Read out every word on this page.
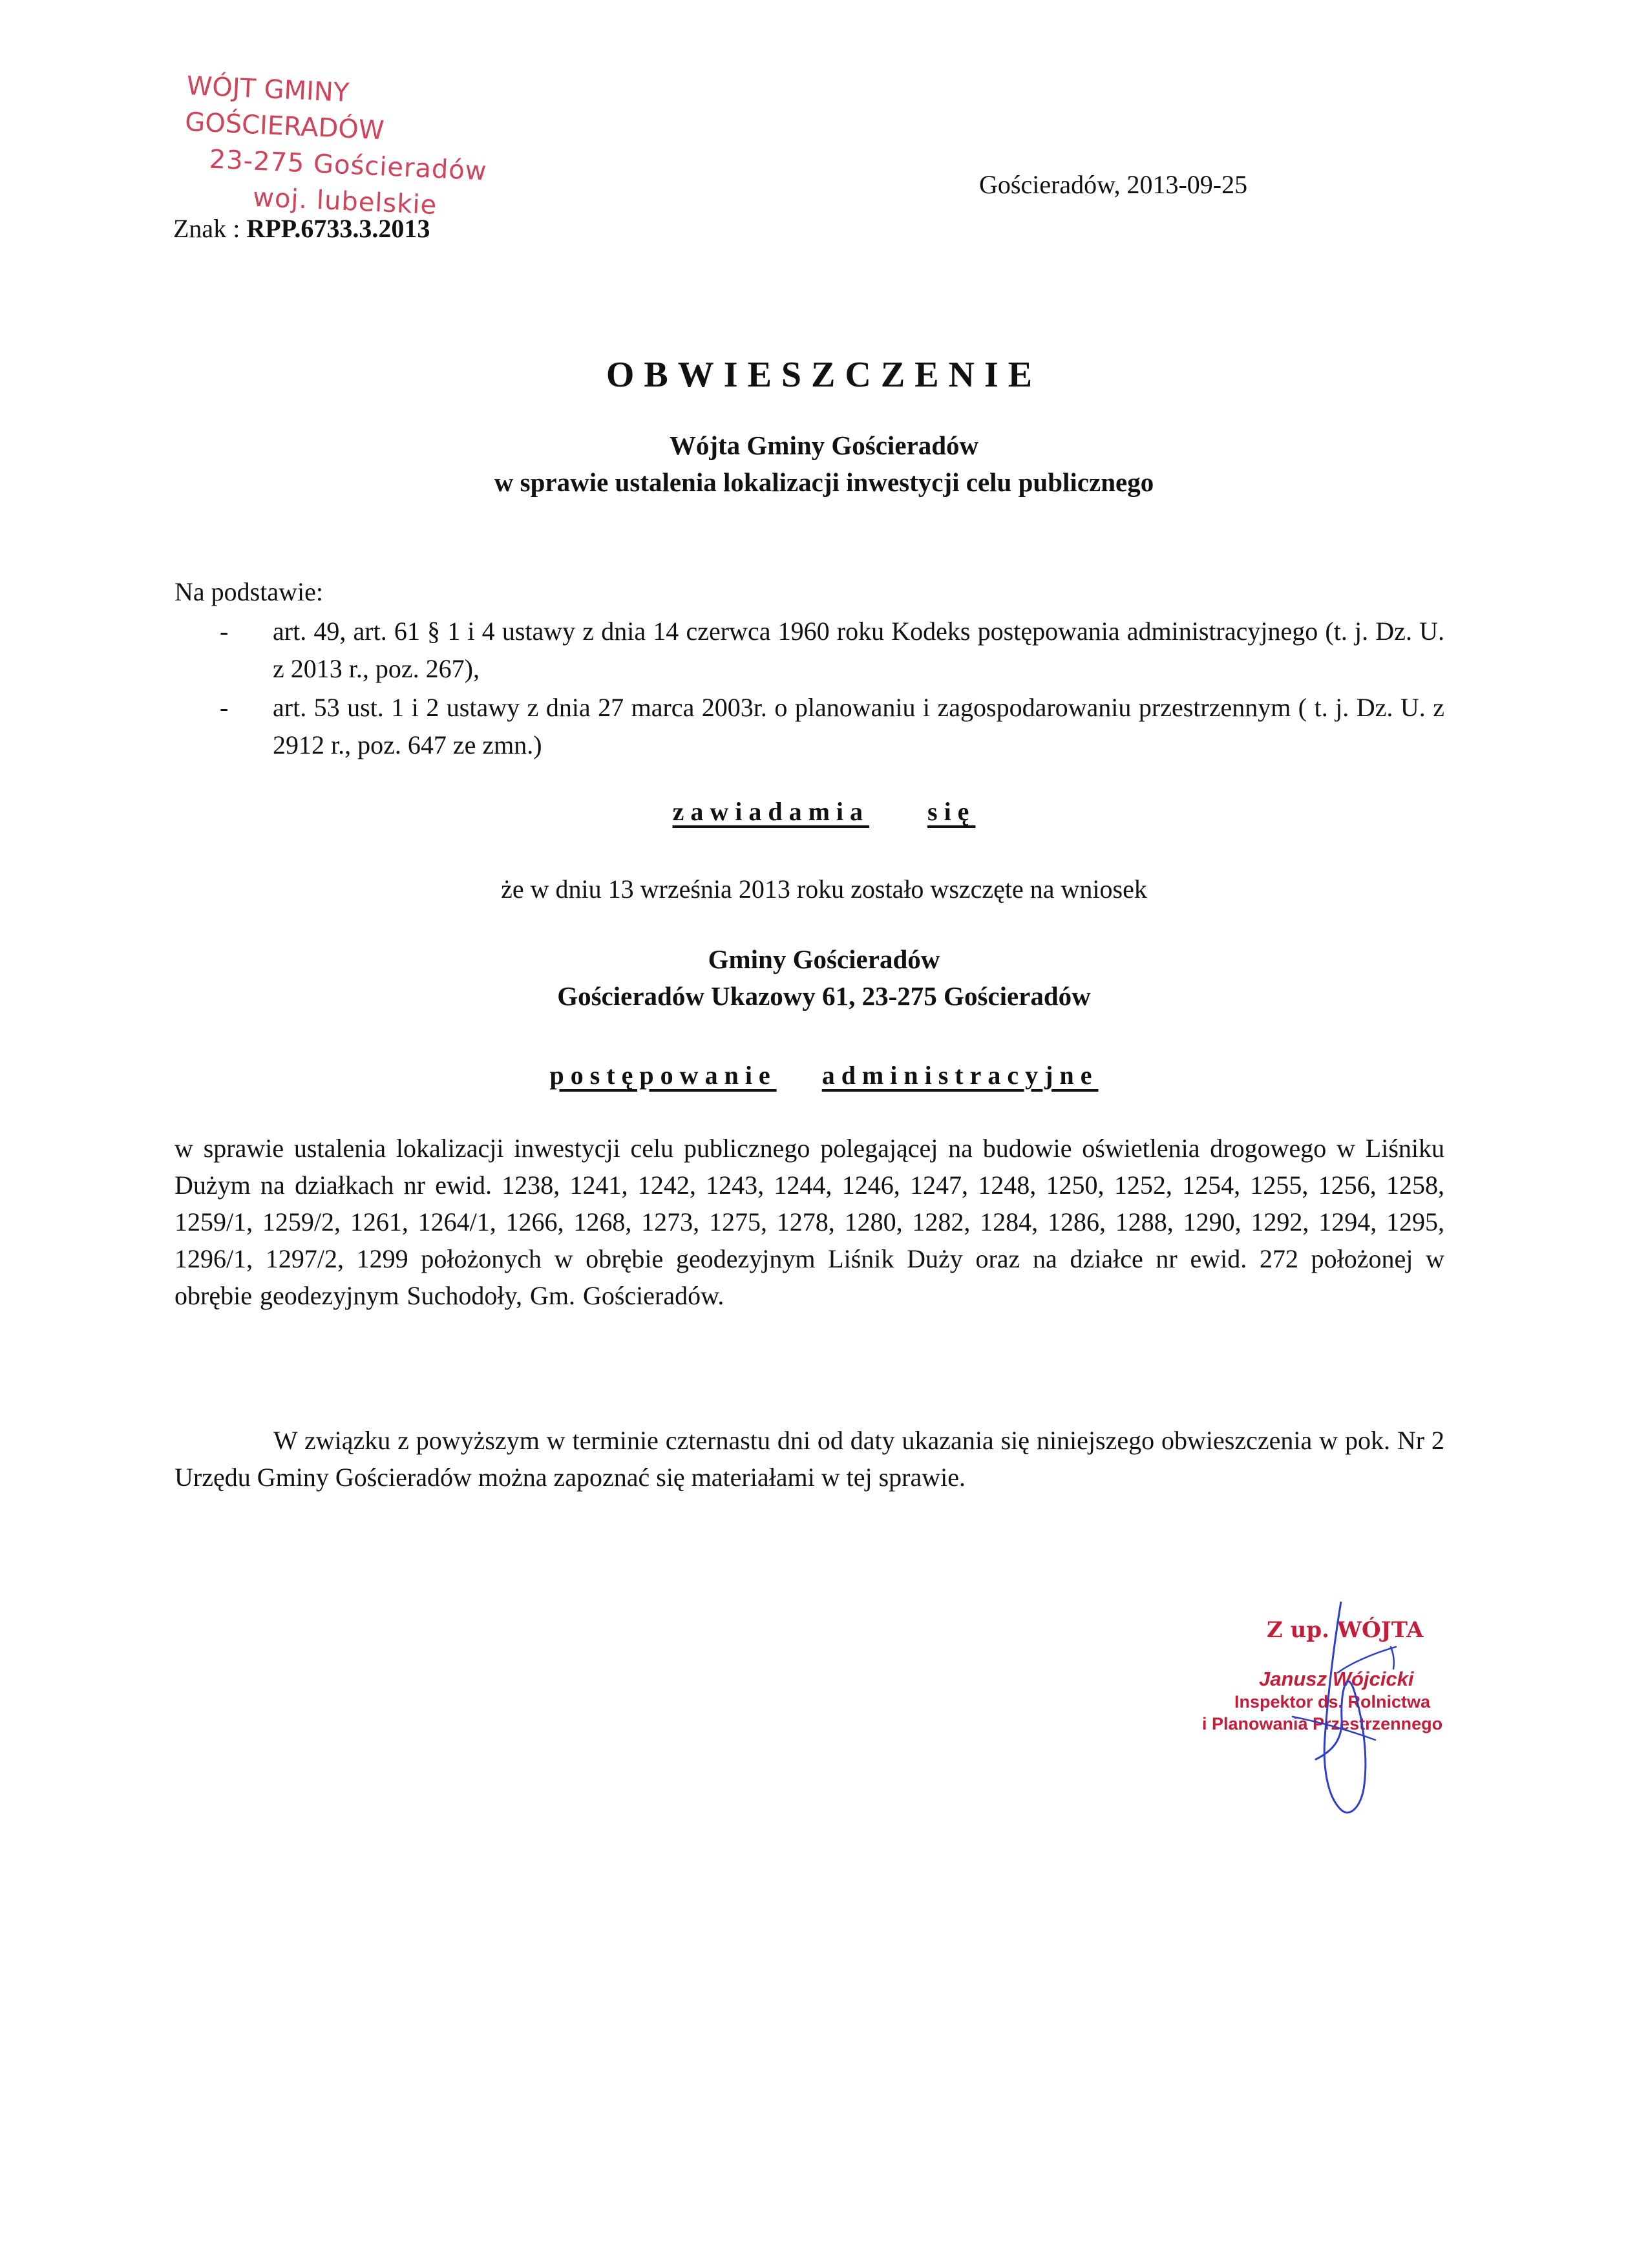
WÓJT GMINY GOŚCIERADÓW
23-275 Gościeradów
woj. lubelskie	Gościeradów, 2013-09-25
Znak : RPP.6733.3.2013
OBWIESZCZENIE
Wójta Gminy Gościeradów
w sprawie ustalenia lokalizacji inwestycji celu publicznego
Na podstawie:
- art. 49, art. 61 § 1 i 4 ustawy z dnia 14 czerwca 1960 roku Kodeks postępowania administracyjnego (t. j. Dz. U. z 2013 r., poz. 267),
- art. 53 ust. 1 i 2 ustawy z dnia 27 marca 2003r. o planowaniu i zagospodarowaniu przestrzennym ( t. j. Dz. U. z 2912 r., poz. 647 ze zmn.)
zawiadamia się
że w dniu 13 września 2013 roku zostało wszczęte na wniosek
Gminy Gościeradów
Gościeradów Ukazowy 61, 23-275 Gościeradów
postępowanie administracyjne
w sprawie ustalenia lokalizacji inwestycji celu publicznego polegającej na budowie oświetlenia drogowego w Liśniku Dużym na działkach nr ewid. 1238, 1241, 1242, 1243, 1244, 1246, 1247, 1248, 1250, 1252, 1254, 1255, 1256, 1258, 1259/1, 1259/2, 1261, 1264/1, 1266, 1268, 1273, 1275, 1278, 1280, 1282, 1284, 1286, 1288, 1290, 1292, 1294, 1295, 1296/1, 1297/2, 1299 położonych w obrębie geodezyjnym Liśnik Duży oraz na działce nr ewid. 272 położonej w obrębie geodezyjnym Suchodoły, Gm. Gościeradów.
W związku z powyższym w terminie czternastu dni od daty ukazania się niniejszego obwieszczenia w pok. Nr 2 Urzędu Gminy Gościeradów można zapoznać się materiałami w tej sprawie.
Z up. WÓJTA
Janusz Wójcicki
Inspektor ds. Rolnictwa
i Planowania Przestrzennego
